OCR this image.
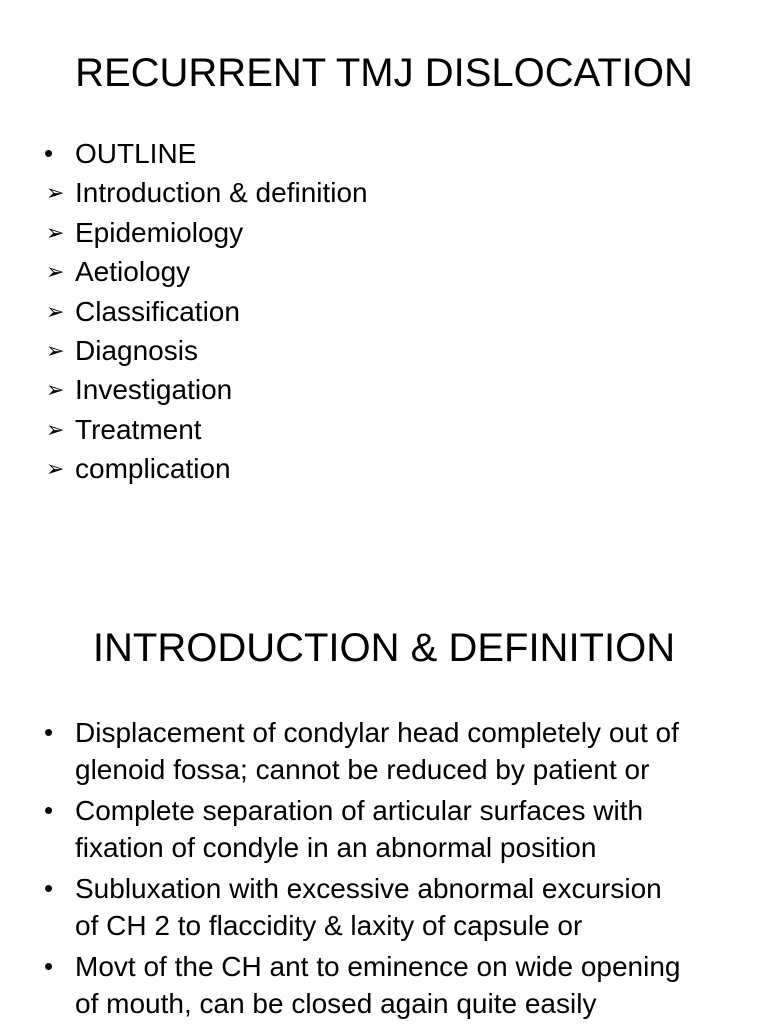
RECURRENT TMJ DISLOCATION
• OUTLINE
➢ Introduction & definition
➢ Epidemiology
➢ Aetiology
➢ Classification
➢ Diagnosis
➢ Investigation
➢ Treatment
➢ complication
INTRODUCTION & DEFINITION
• Displacement of condylar head completely out of
glenoid fossa; cannot be reduced by patient or
• Complete separation of articular surfaces with
fixation of condyle in an abnormal position
• Subluxation with excessive abnormal excursion
of CH 2 to flaccidity & laxity of capsule or
• Movt of the CH ant to eminence on wide opening
of mouth, can be closed again quite easily
